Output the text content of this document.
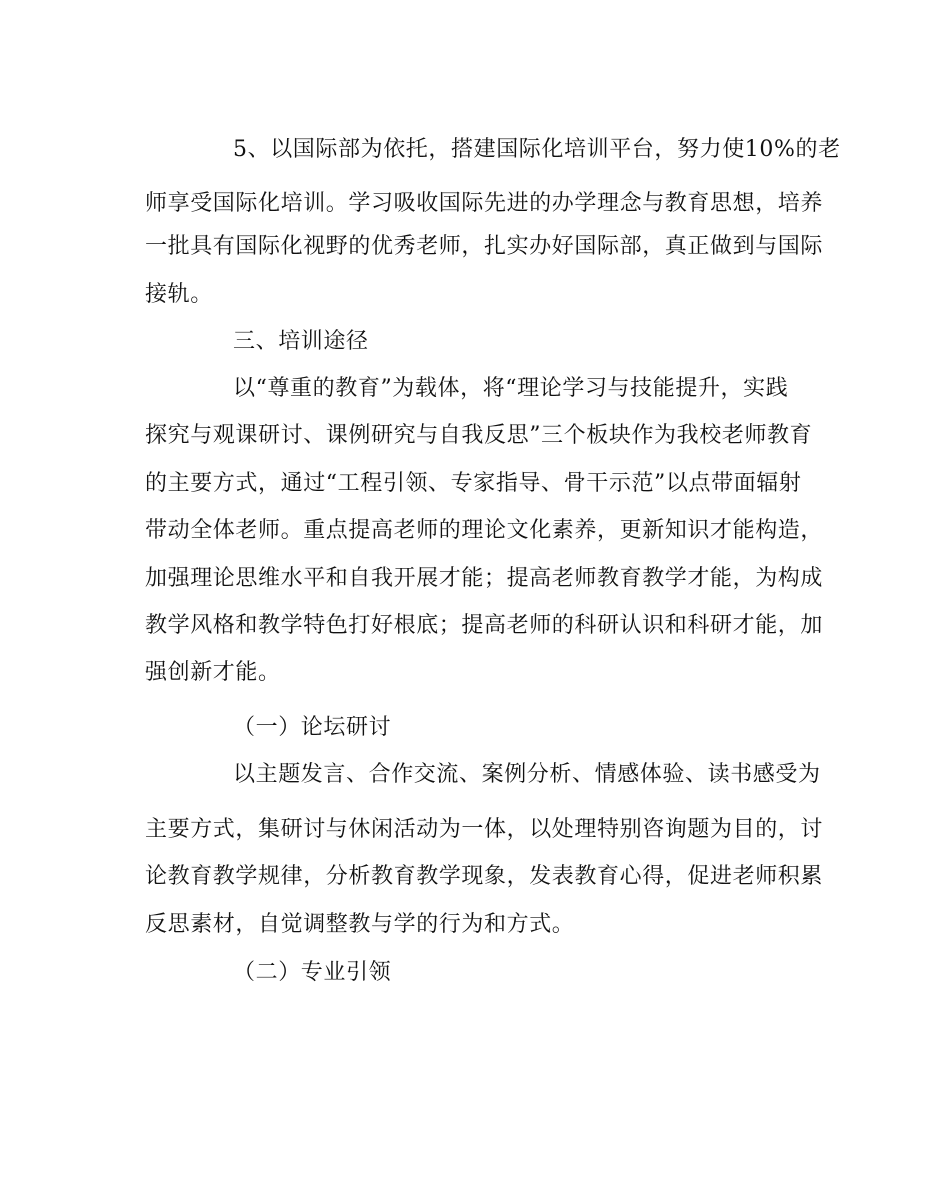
5、以国际部为依托，搭建国际化培训平台，努力使10%的老
师享受国际化培训。学习吸收国际先进的办学理念与教育思想，培养
一批具有国际化视野的优秀老师，扎实办好国际部，真正做到与国际
接轨。
三、培训途径
以“尊重的教育”为载体，将“理论学习与技能提升，实践
探究与观课研讨、课例研究与自我反思”三个板块作为我校老师教育
的主要方式，通过“工程引领、专家指导、骨干示范”以点带面辐射
带动全体老师。重点提高老师的理论文化素养，更新知识才能构造，
加强理论思维水平和自我开展才能；提高老师教育教学才能，为构成
教学风格和教学特色打好根底；提高老师的科研认识和科研才能，加
强创新才能。
（一）论坛研讨
以主题发言、合作交流、案例分析、情感体验、读书感受为
主要方式，集研讨与休闲活动为一体，以处理特别咨询题为目的，讨
论教育教学规律，分析教育教学现象，发表教育心得，促进老师积累
反思素材，自觉调整教与学的行为和方式。
（二）专业引领
